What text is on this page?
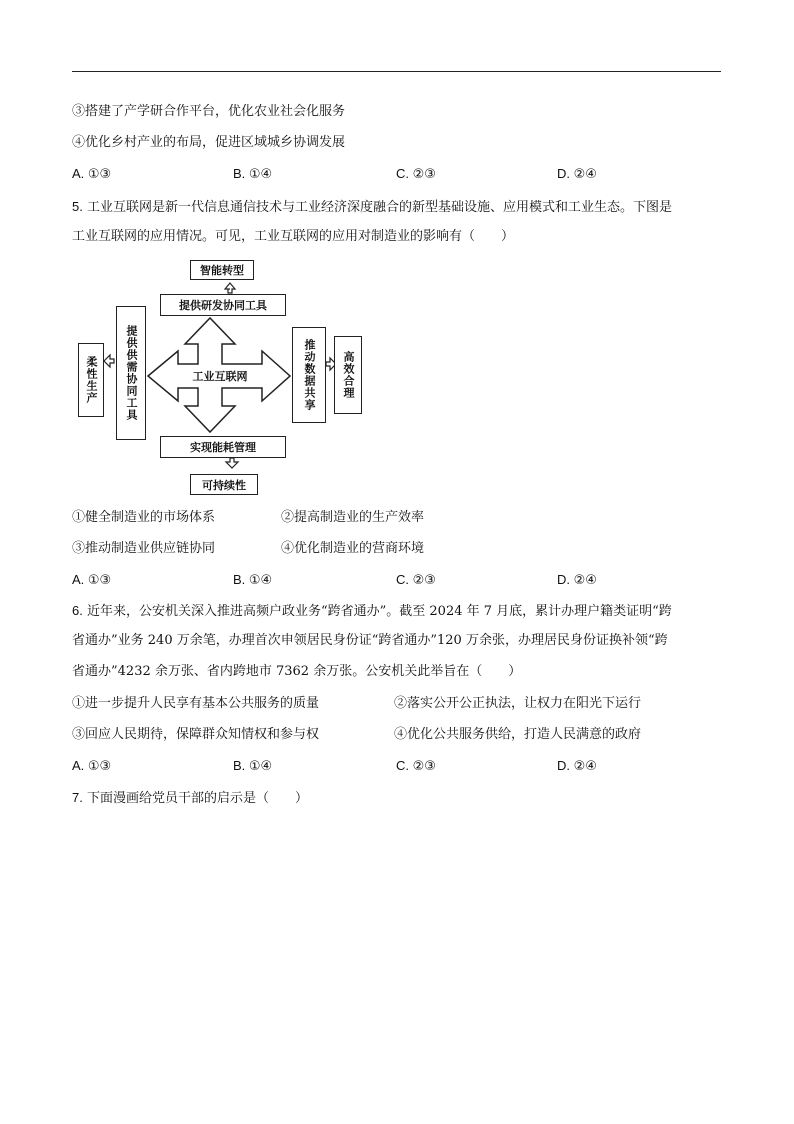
③搭建了产学研合作平台，优化农业社会化服务
④优化乡村产业的布局，促进区域城乡协调发展
A. ①③	B. ①④	C. ②③	D. ②④
5. 工业互联网是新一代信息通信技术与工业经济深度融合的新型基础设施、应用模式和工业生态。下图是
工业互联网的应用情况。可见，工业互联网的应用对制造业的影响有（　　）
智能转型
提供研发协同工具
提供供需协同工具
柔性生产	推动数据共享	高效合理
实现能耗管理
可持续性
工业互联网
①健全制造业的市场体系	②提高制造业的生产效率
③推动制造业供应链协同	④优化制造业的营商环境
A. ①③	B. ①④	C. ②③	D. ②④
6. 近年来，公安机关深入推进高频户政业务“跨省通办”。截至 2024 年 7 月底，累计办理户籍类证明“跨
省通办”业务 240 万余笔，办理首次申领居民身份证“跨省通办”120 万余张，办理居民身份证换补领“跨
省通办”4232 余万张、省内跨地市 7362 余万张。公安机关此举旨在（　　）
①进一步提升人民享有基本公共服务的质量	②落实公开公正执法，让权力在阳光下运行
③回应人民期待，保障群众知情权和参与权	④优化公共服务供给，打造人民满意的政府
A. ①③	B. ①④	C. ②③	D. ②④
7. 下面漫画给党员干部的启示是（　　）
